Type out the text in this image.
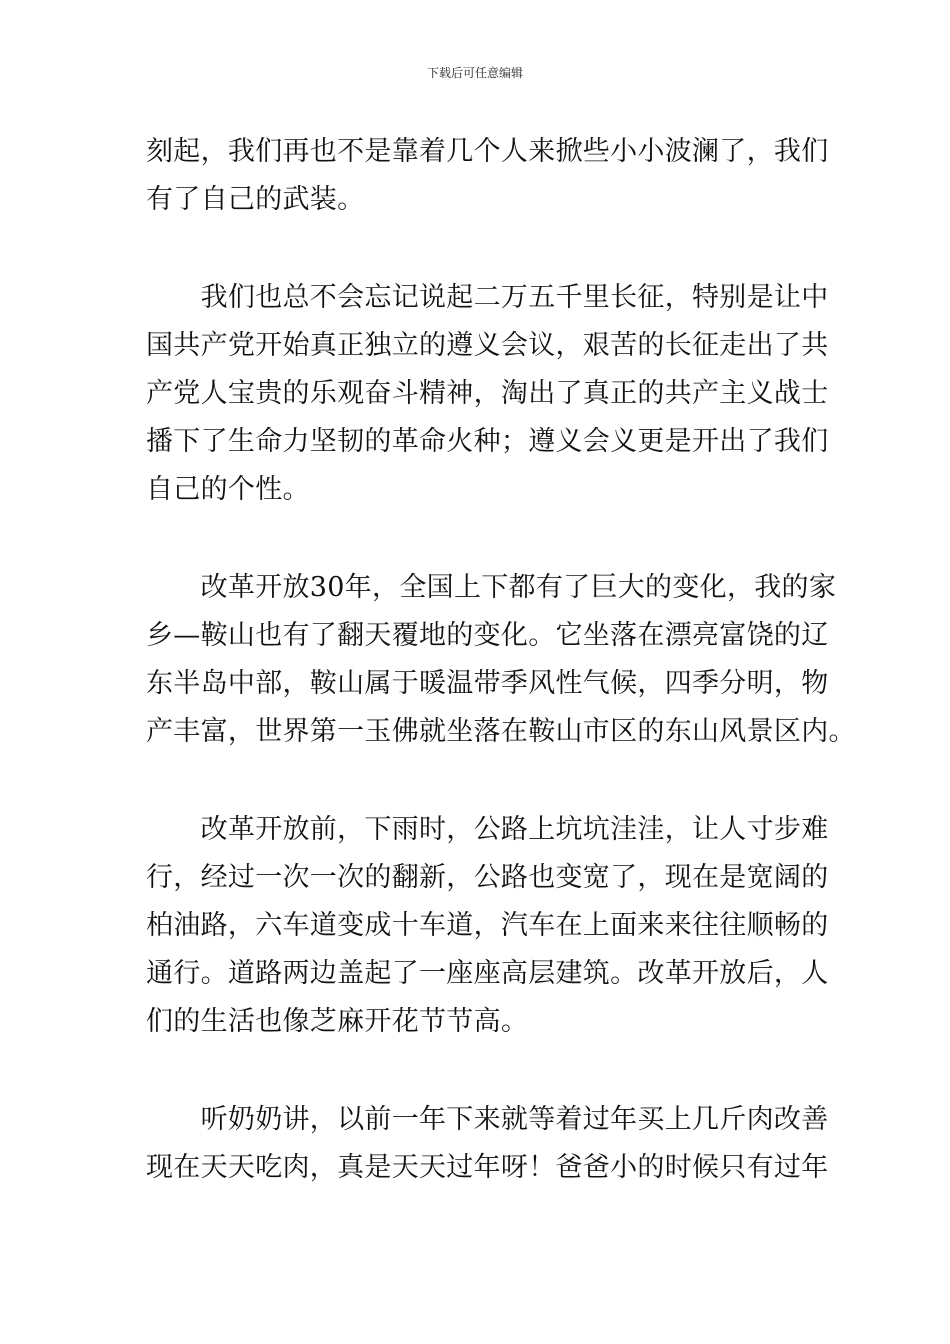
下载后可任意编辑
刻起，我们再也不是靠着几个人来掀些小小波澜了，我们
有了自己的武装。
　　我们也总不会忘记说起二万五千里长征，特别是让中
国共产党开始真正独立的遵义会议，艰苦的长征走出了共
产党人宝贵的乐观奋斗精神，淘出了真正的共产主义战士
播下了生命力坚韧的革命火种；遵义会义更是开出了我们
自己的个性。
　　改革开放30年，全国上下都有了巨大的变化，我的家
乡—鞍山也有了翻天覆地的变化。它坐落在漂亮富饶的辽
东半岛中部，鞍山属于暖温带季风性气候，四季分明，物
产丰富，世界第一玉佛就坐落在鞍山市区的东山风景区内。
　　改革开放前，下雨时，公路上坑坑洼洼，让人寸步难
行，经过一次一次的翻新，公路也变宽了，现在是宽阔的
柏油路，六车道变成十车道，汽车在上面来来往往顺畅的
通行。道路两边盖起了一座座高层建筑。改革开放后，人
们的生活也像芝麻开花节节高。
　　听奶奶讲，以前一年下来就等着过年买上几斤肉改善
现在天天吃肉，真是天天过年呀！爸爸小的时候只有过年
